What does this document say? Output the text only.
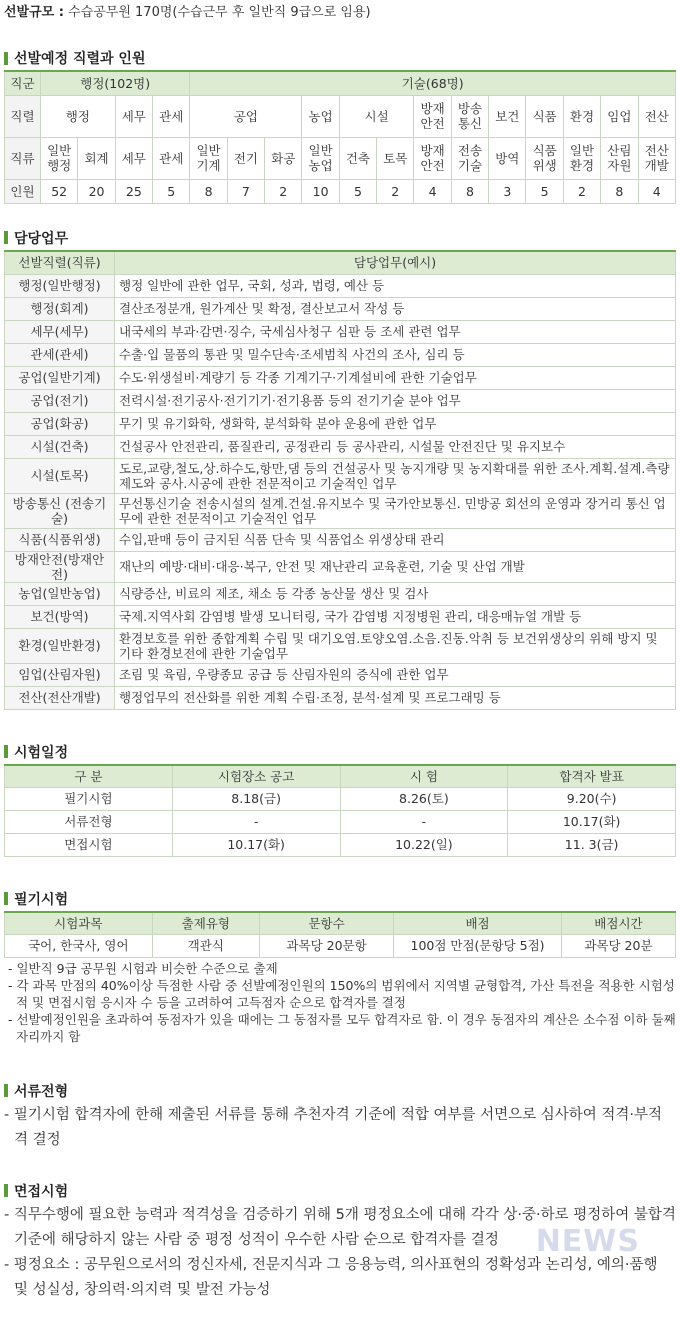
선발규모 : 수습공무원 170명(수습근무 후 일반직 9급으로 임용)
선발예정 직렬과 인원
직군	행정(102명)				기술(68명)												
직렬	행정		세무	관세	공업			농업	시설		방재 안전	방송 통신	보건	식품	환경	임업	전산
직류	일반 행정	회계	세무	관세	일반 기계	전기	화공	일반 농업	건축	토목	방재 안전	전송 기술	방역	식품 위생	일반 환경	산림 자원	전산 개발
인원	52	20	25	5	8	7	2	10	5	2	4	8	3	5	2	8	4
담당업무
선발직렬(직류)	담당업무(예시)
행정(일반행정)	행정 일반에 관한 업무, 국회, 성과, 법령, 예산 등
행정(회계)	결산조정분개, 원가계산 및 확정, 결산보고서 작성 등
세무(세무)	내국세의 부과·감면·징수, 국세심사청구 심판 등 조세 관련 업무
관세(관세)	수출·입 물품의 통관 및 밀수단속·조세범칙 사건의 조사, 심리 등
공업(일반기계)	수도·위생설비·계량기 등 각종 기계기구·기계설비에 관한 기술업무
공업(전기)	전력시설·전기공사·전기기기·전기용품 등의 전기기술 분야 업무
공업(화공)	무기 및 유기화학, 생화학, 분석화학 분야 운용에 관한 업무
시설(건축)	건설공사 안전관리, 품질관리, 공정관리 등 공사관리, 시설물 안전진단 및 유지보수
시설(토목)	도로,교량,철도,상.하수도,항만,댐 등의 건설공사 및 농지개량 및 농지확대를 위한 조사.계획.설계.측량 제도와 공사.시공에 관한 전문적이고 기술적인 업무
방송통신 (전송기술)	무선통신기술 전송시설의 설계.건설.유지보수 및 국가안보통신. 민방공 회선의 운영과 장거리 통신 업무에 관한 전문적이고 기술적인 업무
식품(식품위생)	수입,판매 등이 금지된 식품 단속 및 식품업소 위생상태 관리
방재안전(방재안전)	재난의 예방·대비·대응·복구, 안전 및 재난관리 교육훈련, 기술 및 산업 개발
농업(일반농업)	식량증산, 비료의 제조, 채소 등 각종 농산물 생산 및 검사
보건(방역)	국제.지역사회 감염병 발생 모니터링, 국가 감염병 지정병원 관리, 대응매뉴얼 개발 등
환경(일반환경)	환경보호를 위한 종합계획 수립 및 대기오염.토양오염.소음.진동.악취 등 보건위생상의 위해 방지 및 기타 환경보전에 관한 기술업무
임업(산림자원)	조림 및 육림, 우량종묘 공급 등 산림자원의 증식에 관한 업무
전산(전산개발)	행정업무의 전산화를 위한 계획 수립·조정, 분석·설계 및 프로그래밍 등
시험일정
구 분	시험장소 공고	시 험	합격자 발표
필기시험	8.18(금)	8.26(토)	9.20(수)
서류전형	-	-	10.17(화)
면접시험	10.17(화)	10.22(일)	11. 3(금)
필기시험
시험과목	출제유형	문항수	배점	배점시간
국어, 한국사, 영어	객관식	과목당 20문항	100점 만점(문항당 5점)	과목당 20분
- 일반직 9급 공무원 시험과 비슷한 수준으로 출제
- 각 과목 만점의 40%이상 득점한 사람 중 선발예정인원의 150%의 범위에서 지역별 균형합격, 가산 특전을 적용한 시험성적 및 면접시험 응시자 수 등을 고려하여 고득점자 순으로 합격자를 결정
- 선발예정인원을 초과하여 동점자가 있을 때에는 그 동점자를 모두 합격자로 함. 이 경우 동점자의 계산은 소수점 이하 둘째자리까지 함
서류전형
- 필기시험 합격자에 한해 제출된 서류를 통해 추천자격 기준에 적합 여부를 서면으로 심사하여 적격·부적격 결정
면접시험
- 직무수행에 필요한 능력과 적격성을 검증하기 위해 5개 평정요소에 대해 각각 상·중·하로 평정하여 불합격 기준에 해당하지 않는 사람 중 평정 성적이 우수한 사람 순으로 합격자를 결정
- 평정요소 : 공무원으로서의 정신자세, 전문지식과 그 응용능력, 의사표현의 정확성과 논리성, 예의·품행 및 성실성, 창의력·의지력 및 발전 가능성
NEWS
